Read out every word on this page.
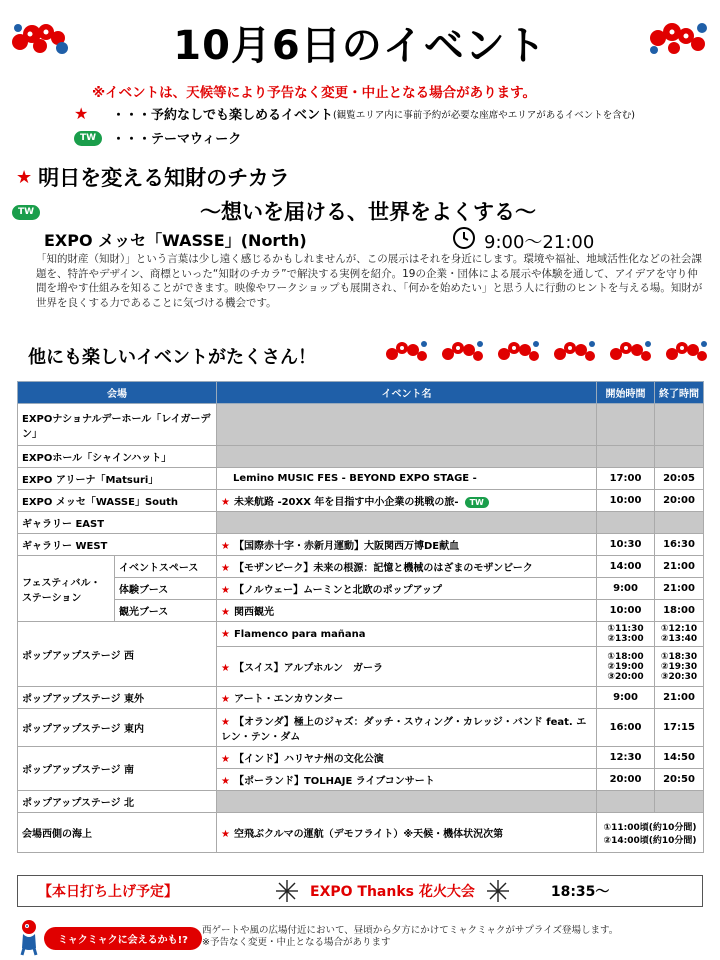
10月6日のイベント
※イベントは、天候等により予告なく変更・中止となる場合があります。
★	・・・予約なしでも楽しめるイベント (観覧エリア内に事前予約が必要な座席やエリアがあるイベントを含む)
TW	・・・テーマウィーク
★ 明日を変える知財のチカラ
TW	～想いを届ける、世界をよくする～
EXPO メッセ「WASSE」(North)	9:00～21:00

「知的財産（知財）」という言葉は少し遠く感じるかもしれませんが、この展示はそれを身近にします。環境や福祉、地域活性化などの社会課題を、特許やデザイン、商標といった“知財のチカラ”で解決する実例を紹介。19の企業・団体による展示や体験を通して、アイデアを守り仲間を増やす仕組みを知ることができます。映像やワークショップも展開され、「何かを始めたい」と思う人に行動のヒントを与える場。知財が世界を良くする力であることに気づける機会です。

他にも楽しいイベントがたくさん！
会場		イベント名	開始時間	終了時間
EXPOナショナルデーホール「レイガーデン」				
EXPOホール「シャインハット」				
EXPO アリーナ「Matsuri」		Lemino MUSIC FES - BEYOND EXPO STAGE -	17:00	20:05
EXPO メッセ「WASSE」South		★ 未来航路 -20XX 年を目指す中小企業の挑戦の旅- TW	10:00	20:00
ギャラリー EAST				
ギャラリー WEST		★ 【国際赤十字・赤新月運動】大阪関西万博DE献血	10:30	16:30
フェスティバル・ステーション	イベントスペース	★ 【モザンビーク】未来の根源：記憶と機械のはざまのモザンビーク	14:00	21:00
	体験ブース	★ 【ノルウェー】ムーミンと北欧のポップアップ	9:00	21:00
	観光ブース	★ 関西観光	10:00	18:00
ポップアップステージ 西		★ Flamenco para mañana	①11:30 ②13:00	①12:10 ②13:40
		★ 【スイス】アルプホルン　ガーラ	①18:00 ②19:00 ③20:00	①18:30 ②19:30 ③20:30
ポップアップステージ 東外		★ アート・エンカウンター	9:00	21:00
ポップアップステージ 東内		★ 【オランダ】極上のジャズ：ダッチ・スウィング・カレッジ・バンド feat. エレン・テン・ダム	16:00	17:15
ポップアップステージ 南		★ 【インド】ハリヤナ州の文化公演	12:30	14:50
		★ 【ポーランド】TOLHAJE ライブコンサート	20:00	20:50
ポップアップステージ 北				
会場西側の海上		★ 空飛ぶクルマの運航（デモフライト）※天候・機体状況次第	①11:00頃(約10分間) ②14:00頃(約10分間)	
【本日打ち上げ予定】	EXPO Thanks 花火大会	18:35～
ミャクミャクに会えるかも!?
西ゲートや風の広場付近において、昼頃から夕方にかけてミャクミャクがサプライズ登場します。
※予告なく変更・中止となる場合があります
